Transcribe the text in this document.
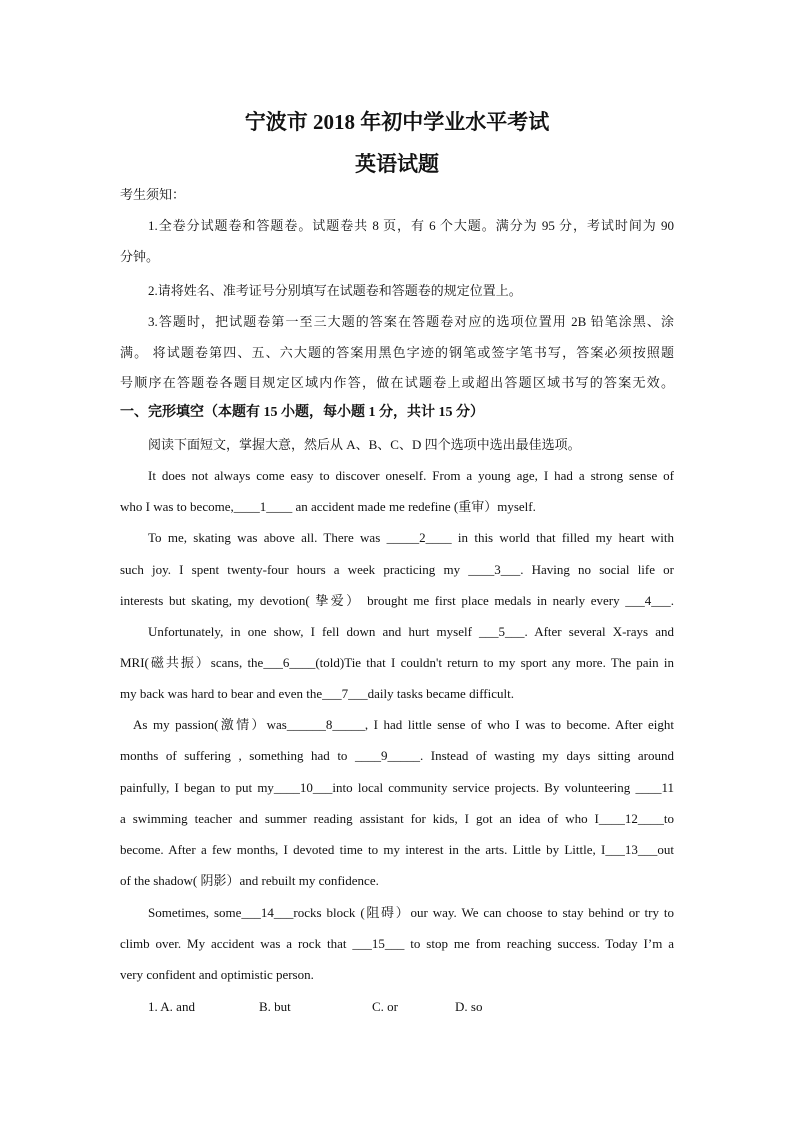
宁波市 2018 年初中学业水平考试
英语试题
考生须知：
1.全卷分试题卷和答题卷。试题卷共 8 页，有 6 个大题。满分为 95 分，考试时间为 90
分钟。
2.请将姓名、准考证号分别填写在试题卷和答题卷的规定位置上。
3.答题时，把试题卷第一至三大题的答案在答题卷对应的选项位置用 2B 铅笔涂黑、涂
满。 将试题卷第四、五、六大题的答案用黑色字迹的钢笔或签字笔书写，答案必须按照题
号顺序在答题卷各题目规定区域内作答，做在试题卷上或超出答题区域书写的答案无效。
一、完形填空（本题有 15 小题，每小题 1 分，共计 15 分）
阅读下面短文，掌握大意，然后从 A、B、C、D 四个选项中选出最佳选项。
It does not always come easy to discover oneself. From a young age, I had a strong sense of
who I was to become,____1____ an accident made me redefine (重审）myself.
To me, skating was above all. There was _____2____ in this world that filled my heart with
such joy. I spent twenty-four hours a week practicing my ____3___. Having no social life or
interests but skating, my devotion( 挚爱） brought me first place medals in nearly every ___4___.
Unfortunately, in one show, I fell down and hurt myself ___5___. After several X-rays and
MRI(磁共振）scans, the___6____(told)Tie that I couldn't return to my sport any more. The pain in
my back was hard to bear and even the___7___daily tasks became difficult.
As my passion(激情）was______8_____, I had little sense of who I was to become. After eight
months of suffering , something had to ____9_____. Instead of wasting my days sitting around
painfully, I began to put my____10___into local community service projects. By volunteering ____11
a swimming teacher and summer reading assistant for kids, I got an idea of who I____12____to
become. After a few months, I devoted time to my interest in the arts. Little by Little, I___13___out
of the shadow( 阴影）and rebuilt my confidence.
Sometimes, some___14___rocks block (阻碍）our way. We can choose to stay behind or try to
climb over. My accident was a rock that ___15___ to stop me from reaching success. Today I’m a
very confident and optimistic person.
1. A. and	B. but	C. or	D. so
